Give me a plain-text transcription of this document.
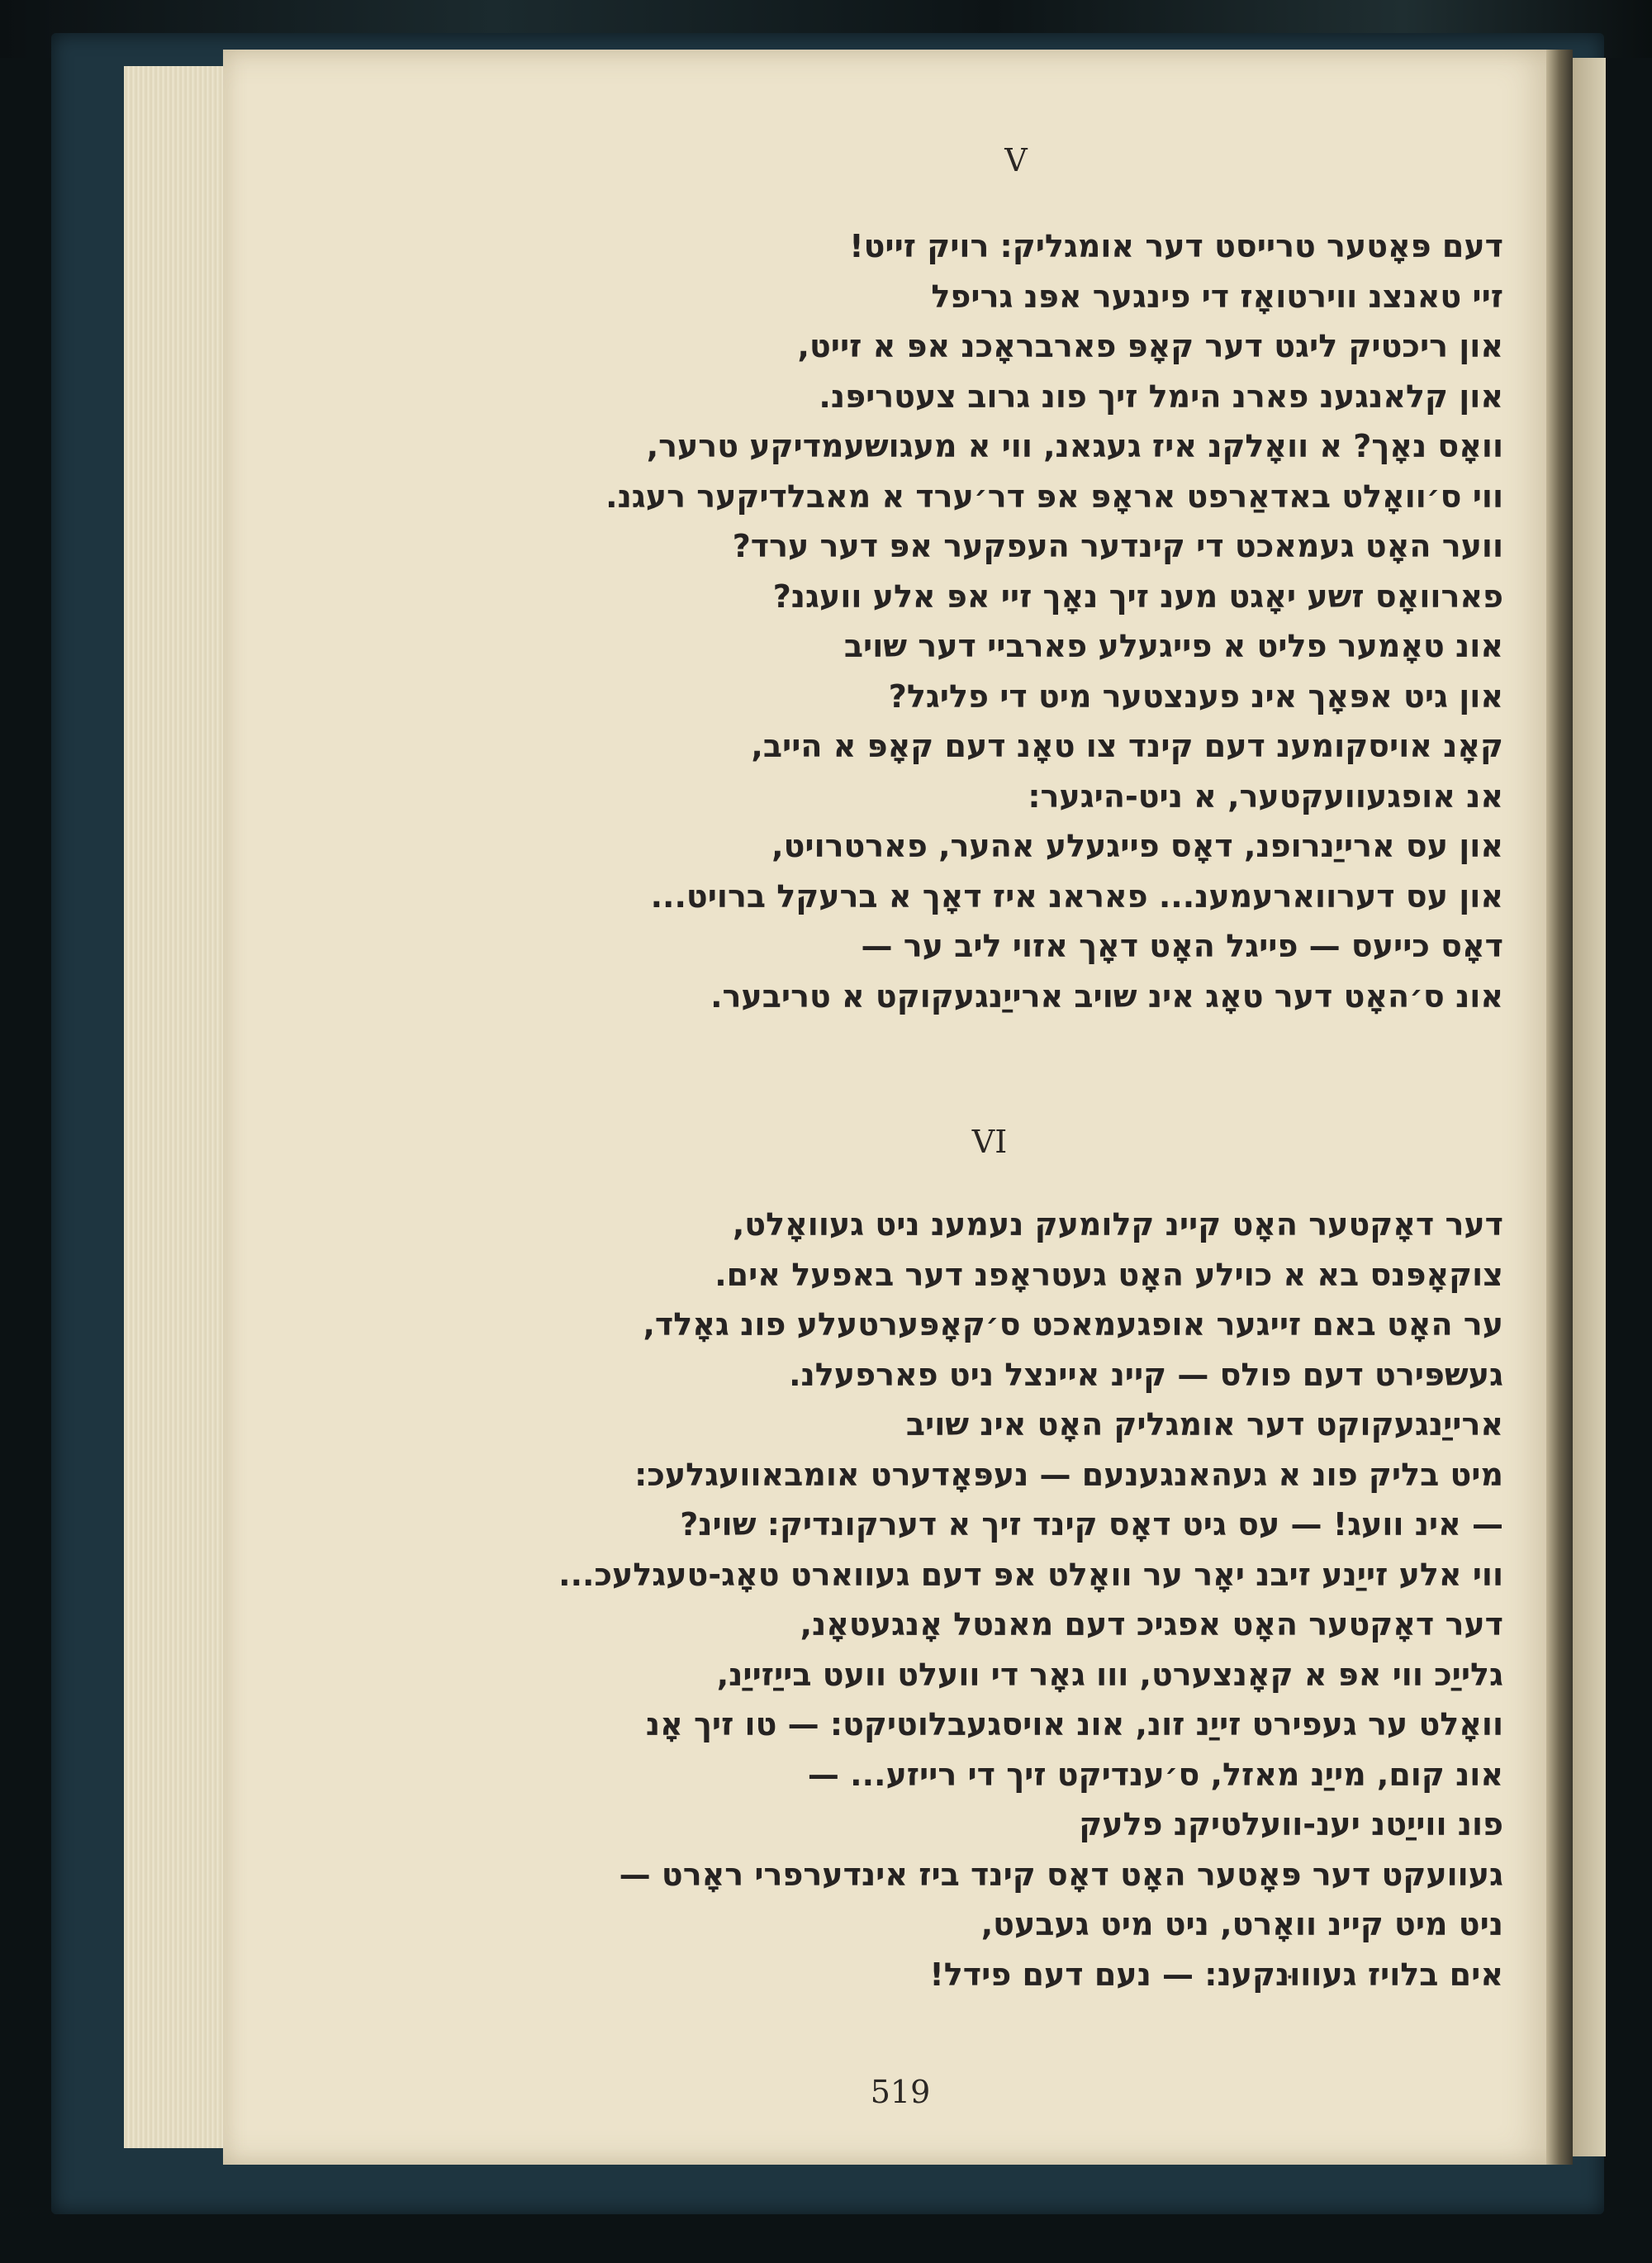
V
דעם פּאָטער טרייסט דער אומגליק: רויק זייט!
זיי טאנצנ ווירטואָז די פינגער אפּנ גריפל
און ריכטיק ליגט דער קאָפּ פארבראָכנ אפּ א זייט,
און קלאנגענ פארנ הימל זיך פונ גרוב צעטריפּנ.
וואָס נאָך? א וואָלקנ איז געגאנ, ווי א מעגושעמדיקע טרער,
ווי ס׳וואָלט באדאַרפט אראָפּ אפּ דר׳ערד א מאבלדיקער רעגנ.
ווער האָט געמאכט די קינדער העפקער אפּ דער ערד?
פארוואָס זשע יאָגט מענ זיך נאָך זיי אפּ אלע וועגנ?
אונ טאָמער פליט א פייגעלע פארביי דער שויב
און גיט אפּאָך אינ פענצטער מיט די פליגל?
קאָנ אויסקומענ דעם קינד צו טאָנ דעם קאָפּ א הייב,
אנ אופגעוועקטער, א ניט-היגער:
און עס ארייַנרופנ, דאָס פייגעלע אהער, פארטרויט,
און עס דערווארעמענ... פאראנ איז דאָך א ברעקל ברויט...
דאָס כייעס — פייגל האָט דאָך אזוי ליב ער —
אונ ס׳האָט דער טאָג אינ שויב ארייַנגעקוקט א טריבער.
VI
דער דאָקטער האָט קיינ קלומעק נעמענ ניט געוואָלט,
צוקאָפּנס בא א כוילע האָט געטראָפנ דער באפעל אים.
ער האָט באם זייגער אופגעמאכט ס׳קאָפּערטעלע פונ גאָלד,
געשפּירט דעם פולס — קיינ איינצל ניט פארפעלנ.
ארייַנגעקוקט דער אומגליק האָט אינ שויב
מיט בליק פונ א געהאנגענעם — נעפּאָדערט אומבאוועגלעכ:
— אינ וועג! — עס גיט דאָס קינד זיך א דערקונדיק: שוינ?
ווי אלע זייַנע זיבנ יאָר ער וואָלט אפּ דעם געווארט טאָג-טעגלעכ...
דער דאָקטער האָט אפגיכ דעם מאנטל אָנגעטאָנ,
גלייַכ ווי אפּ א קאָנצערט, ווו גאָר די וועלט וועט בייַזייַנ,
וואָלט ער געפירט זייַנ זונ, אונ אויסגעבלוטיקט: — טו זיך אָנ
אונ קום, מייַנ מאזל, ס׳ענדיקט זיך די רייזע... —
פונ ווייַטנ יענ-וועלטיקנ פלעק
געוועקט דער פּאָטער האָט דאָס קינד ביז אינדערפרי ראָרט —
ניט מיט קיינ וואָרט, ניט מיט געבעט,
אים בלויז געוווּנקענ: — נעם דעם פידל!
519
